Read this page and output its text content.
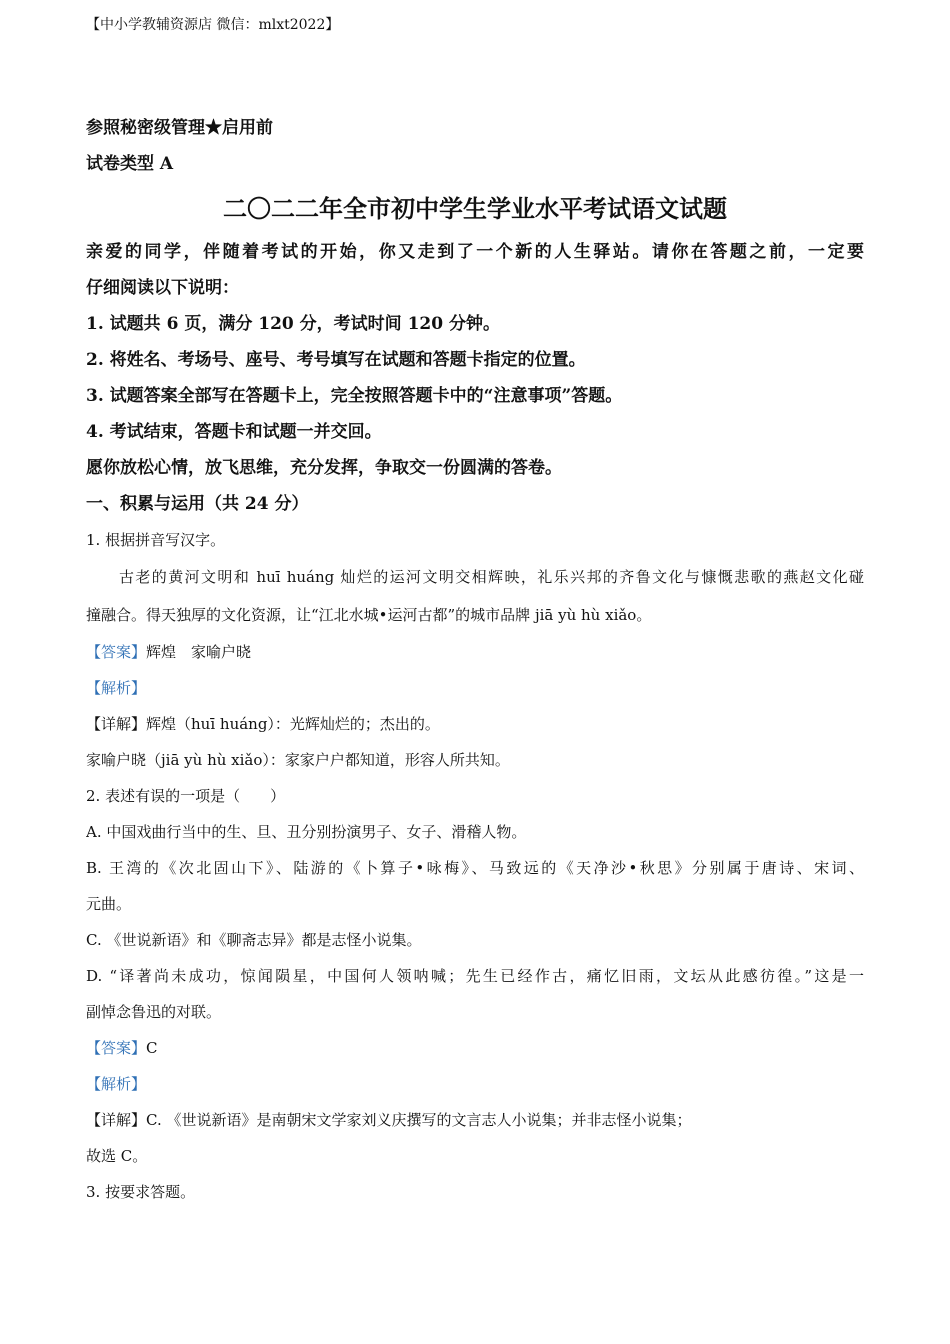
【中小学教辅资源店 微信：mlxt2022】
参照秘密级管理★启用前
试卷类型 A
二〇二二年全市初中学生学业水平考试语文试题
亲爱的同学，伴随着考试的开始，你又走到了一个新的人生驿站。请你在答题之前，一定要
仔细阅读以下说明：
1. 试题共 6 页，满分 120 分，考试时间 120 分钟。
2. 将姓名、考场号、座号、考号填写在试题和答题卡指定的位置。
3. 试题答案全部写在答题卡上，完全按照答题卡中的“注意事项”答题。
4. 考试结束，答题卡和试题一并交回。
愿你放松心情，放飞思维，充分发挥，争取交一份圆满的答卷。
一、积累与运用（共 24 分）
1. 根据拼音写汉字。
古老的黄河文明和 huī huáng 灿烂的运河文明交相辉映，礼乐兴邦的齐鲁文化与慷慨悲歌的燕赵文化碰
撞融合。得天独厚的文化资源，让“江北水城•运河古都”的城市品牌 jiā yù hù xiǎo。
【答案】辉煌　家喻户晓
【解析】
【详解】辉煌（huī huáng）：光辉灿烂的；杰出的。
家喻户晓（jiā yù hù xiǎo）：家家户户都知道，形容人所共知。
2. 表述有误的一项是（　　）
A. 中国戏曲行当中的生、旦、丑分别扮演男子、女子、滑稽人物。
B. 王湾的《次北固山下》、陆游的《卜算子•咏梅》、马致远的《天净沙•秋思》分别属于唐诗、宋词、
元曲。
C. 《世说新语》和《聊斋志异》都是志怪小说集。
D. “译著尚未成功，惊闻陨星，中国何人领呐喊；先生已经作古，痛忆旧雨，文坛从此感彷徨。”这是一
副悼念鲁迅的对联。
【答案】C
【解析】
【详解】C. 《世说新语》是南朝宋文学家刘义庆撰写的文言志人小说集；并非志怪小说集；
故选 C。
3. 按要求答题。
